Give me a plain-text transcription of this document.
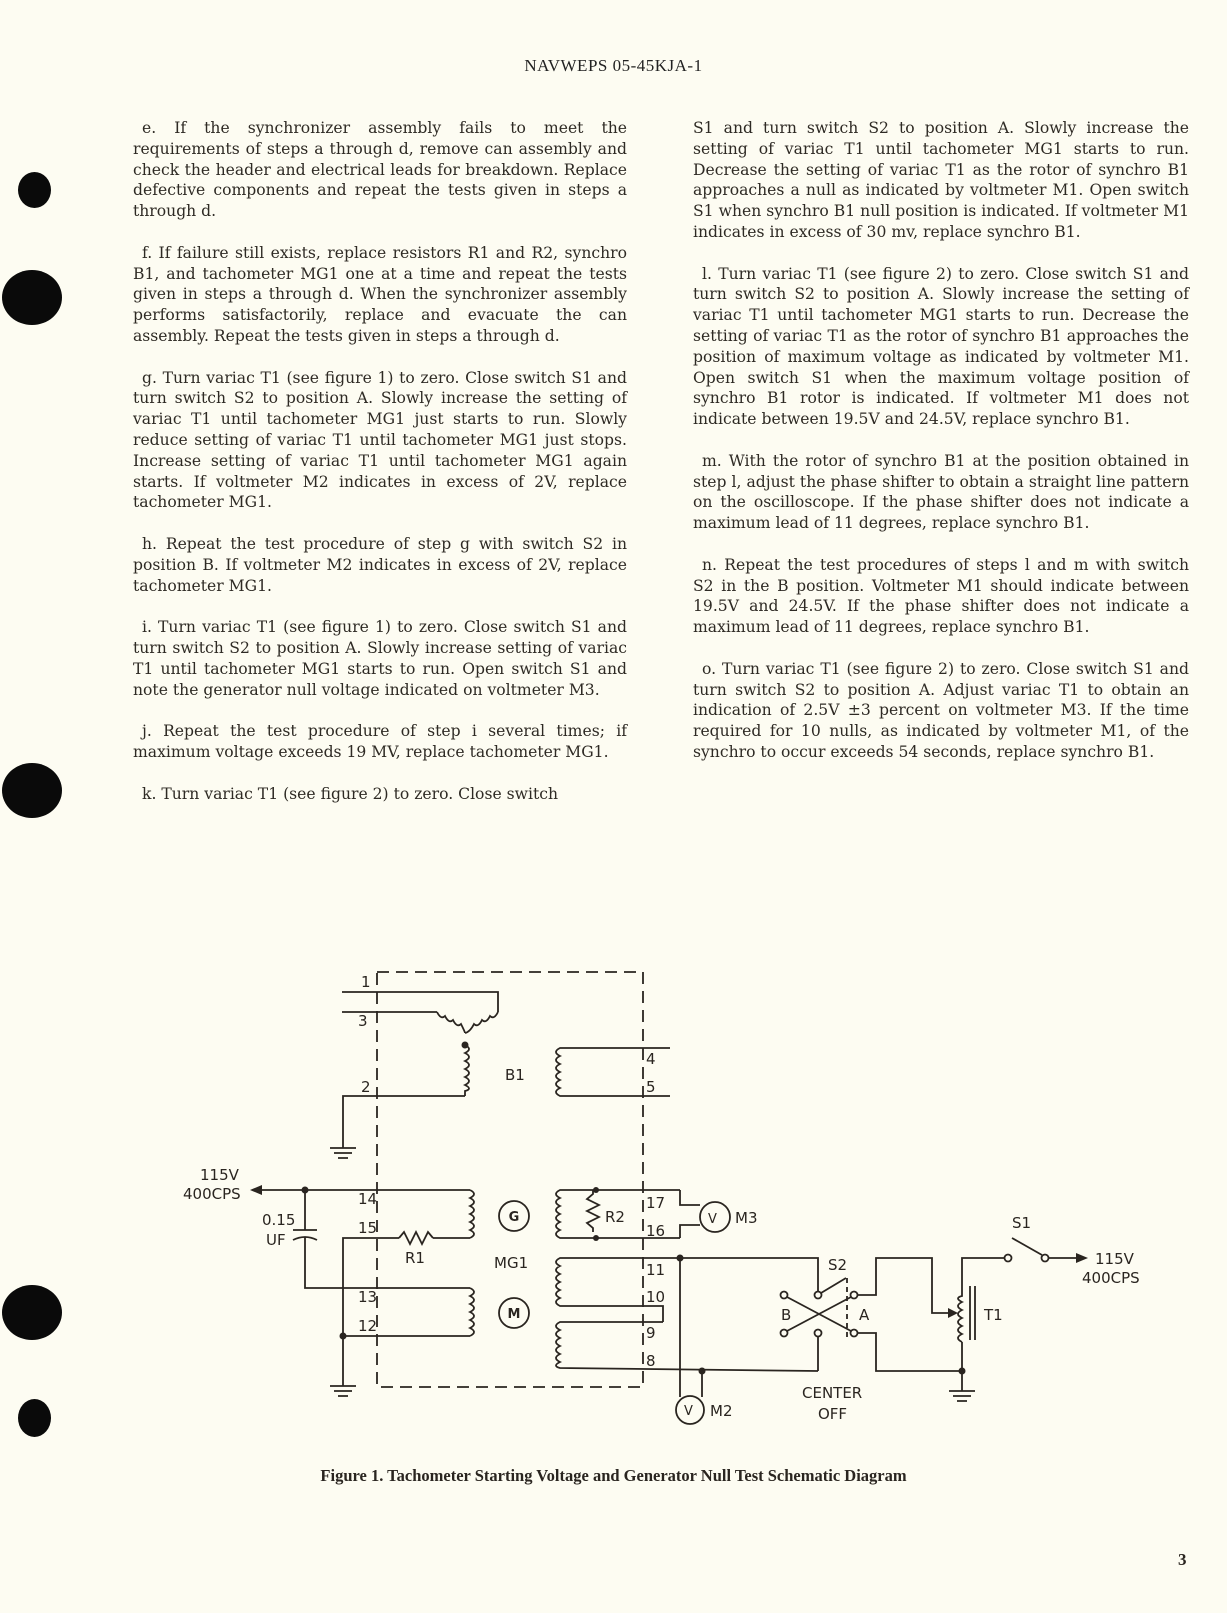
NAVWEPS 05-45KJA-1

e. If the synchronizer assembly fails to meet the requirements of steps a through d, remove can assembly and check the header and electrical leads for breakdown. Replace defective components and repeat the tests given in steps a through d.

f. If failure still exists, replace resistors R1 and R2, synchro B1, and tachometer MG1 one at a time and repeat the tests given in steps a through d. When the synchronizer assembly performs satisfactorily, replace and evacuate the can assembly. Repeat the tests given in steps a through d.

g. Turn variac T1 (see figure 1) to zero. Close switch S1 and turn switch S2 to position A. Slowly increase the setting of variac T1 until tachometer MG1 just starts to run. Slowly reduce setting of variac T1 until tachometer MG1 just stops. Increase setting of variac T1 until tachometer MG1 again starts. If voltmeter M2 indicates in excess of 2V, replace tachometer MG1.

h. Repeat the test procedure of step g with switch S2 in position B. If voltmeter M2 indicates in excess of 2V, replace tachometer MG1.

i. Turn variac T1 (see figure 1) to zero. Close switch S1 and turn switch S2 to position A. Slowly increase setting of variac T1 until tachometer MG1 starts to run. Open switch S1 and note the generator null voltage indicated on voltmeter M3.

j. Repeat the test procedure of step i several times; if maximum voltage exceeds 19 MV, replace tachometer MG1.

k. Turn variac T1 (see figure 2) to zero. Close switch

S1 and turn switch S2 to position A. Slowly increase the setting of variac T1 until tachometer MG1 starts to run. Decrease the setting of variac T1 as the rotor of synchro B1 approaches a null as indicated by voltmeter M1. Open switch S1 when synchro B1 null position is indicated. If voltmeter M1 indicates in excess of 30 mv, replace synchro B1.

l. Turn variac T1 (see figure 2) to zero. Close switch S1 and turn switch S2 to position A. Slowly increase the setting of variac T1 until tachometer MG1 starts to run. Decrease the setting of variac T1 as the rotor of synchro B1 approaches the position of maximum voltage as indicated by voltmeter M1. Open switch S1 when the maximum voltage position of synchro B1 rotor is indicated. If voltmeter M1 does not indicate between 19.5V and 24.5V, replace synchro B1.

m. With the rotor of synchro B1 at the position obtained in step l, adjust the phase shifter to obtain a straight line pattern on the oscilloscope. If the phase shifter does not indicate a maximum lead of 11 degrees, replace synchro B1.

n. Repeat the test procedures of steps l and m with switch S2 in the B position. Voltmeter M1 should indicate between 19.5V and 24.5V. If the phase shifter does not indicate a maximum lead of 11 degrees, replace synchro B1.

o. Turn variac T1 (see figure 2) to zero. Close switch S1 and turn switch S2 to position A. Adjust variac T1 to obtain an indication of 2.5V ±3 percent on voltmeter M3. If the time required for 10 nulls, as indicated by voltmeter M1, of the synchro to occur exceeds 54 seconds, replace synchro B1.

1
3
2
4
5
14
15
13
12
17
16
11
10
9
8
B1
R1
R2
MG1
M3
V
M2
V
S1
S2
B	A	T1
0.15
UF
115V
400CPS
115V
400CPS
CENTER
OFF
G
M
Figure 1. Tachometer Starting Voltage and Generator Null Test Schematic Diagram
3
